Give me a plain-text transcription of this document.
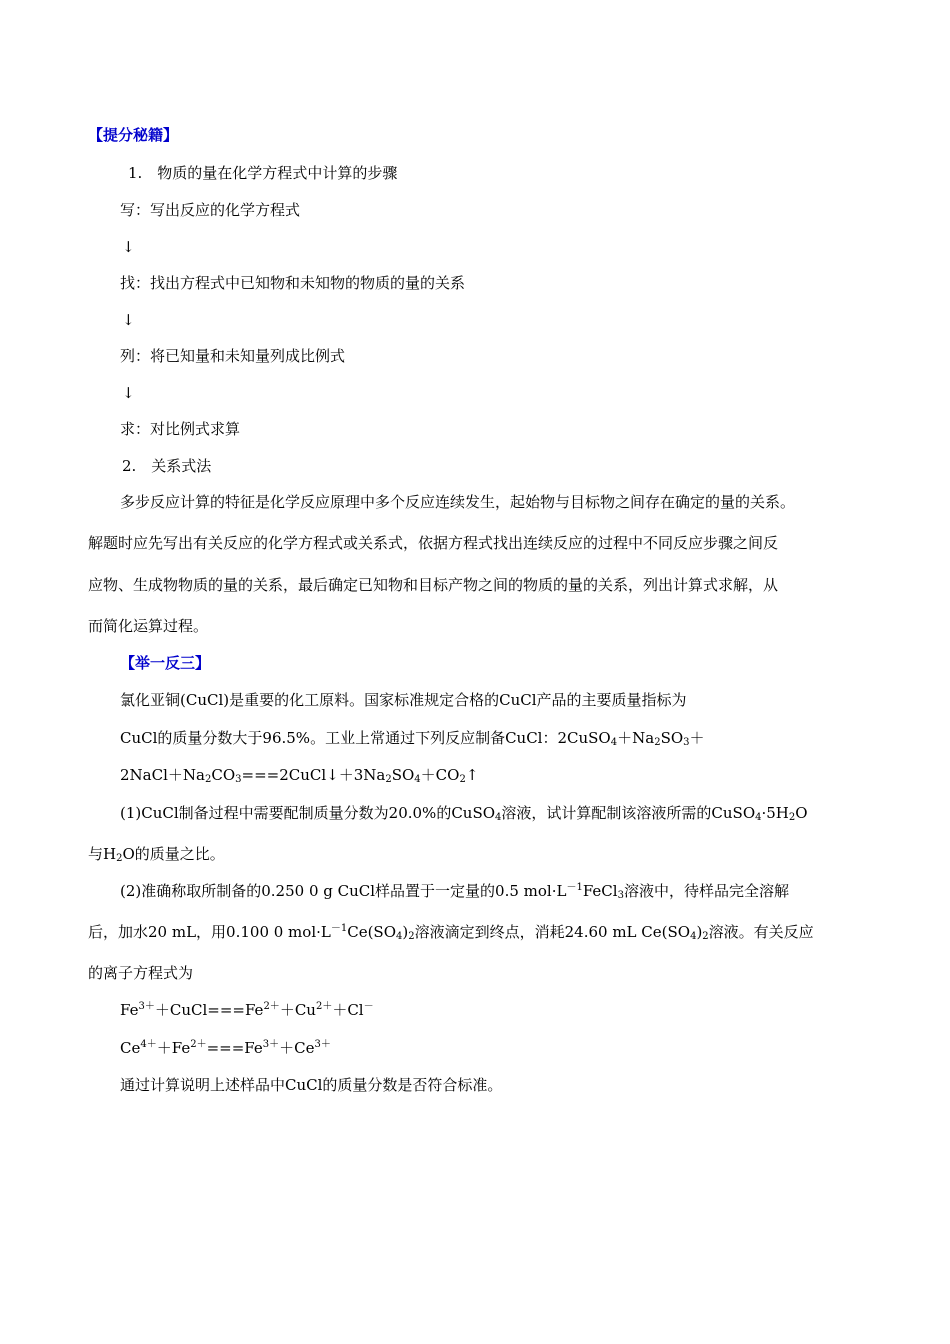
【提分秘籍】
1.　物质的量在化学方程式中计算的步骤
写：写出反应的化学方程式
↓
找：找出方程式中已知物和未知物的物质的量的关系
↓
列：将已知量和未知量列成比例式
↓
求：对比例式求算
2.　关系式法
多步反应计算的特征是化学反应原理中多个反应连续发生，起始物与目标物之间存在确定的量的关系。
解题时应先写出有关反应的化学方程式或关系式，依据方程式找出连续反应的过程中不同反应步骤之间反
应物、生成物物质的量的关系，最后确定已知物和目标产物之间的物质的量的关系，列出计算式求解，从
而简化运算过程。
【举一反三】
氯化亚铜(CuCl)是重要的化工原料。国家标准规定合格的CuCl产品的主要质量指标为
CuCl的质量分数大于96.5%。工业上常通过下列反应制备CuCl：$2CuSO_4+Na_2SO_3+$
$2NaCl+Na_2CO_3===2CuCl↓+3Na_2SO_4+CO_2↑$
(1)CuCl制备过程中需要配制质量分数为20.0%的CuSO$_4$溶液，试计算配制该溶液所需的$CuSO_4\cdot 5H_2O$
与$H_2O$的质量之比。
(2)准确称取所制备的0.250 0 g CuCl样品置于一定量的0.5 $mol\cdot L^{-1}FeCl_3$溶液中，待样品完全溶解
后，加水20 mL，用0.100 0 $mol\cdot L^{-1}Ce(SO_4)_2$溶液滴定到终点，消耗24.60 mL $Ce(SO_4)_2$溶液。有关反应
的离子方程式为
$Fe^{3+}+CuCl===Fe^{2+}+Cu^{2+}+Cl^-$
$Ce^{4+}+Fe^{2+}===Fe^{3+}+Ce^{3+}$
通过计算说明上述样品中CuCl的质量分数是否符合标准。
